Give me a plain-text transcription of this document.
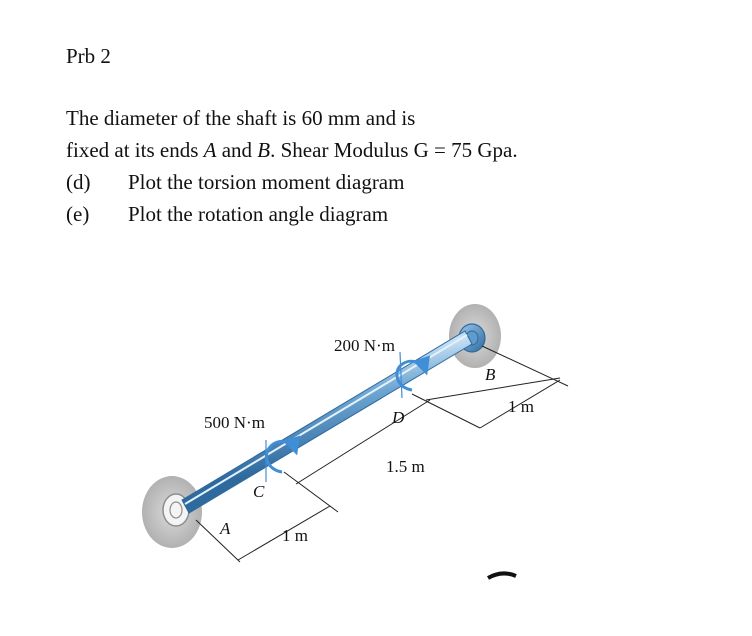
Prb 2
The diameter of the shaft is 60 mm and is
fixed at its ends A and B. Shear Modulus G = 75 Gpa.
(d) Plot the torsion moment diagram
(e) Plot the rotation angle diagram
200 N·m
500 N·m
B
D
C
A
1 m
1.5 m
1 m
